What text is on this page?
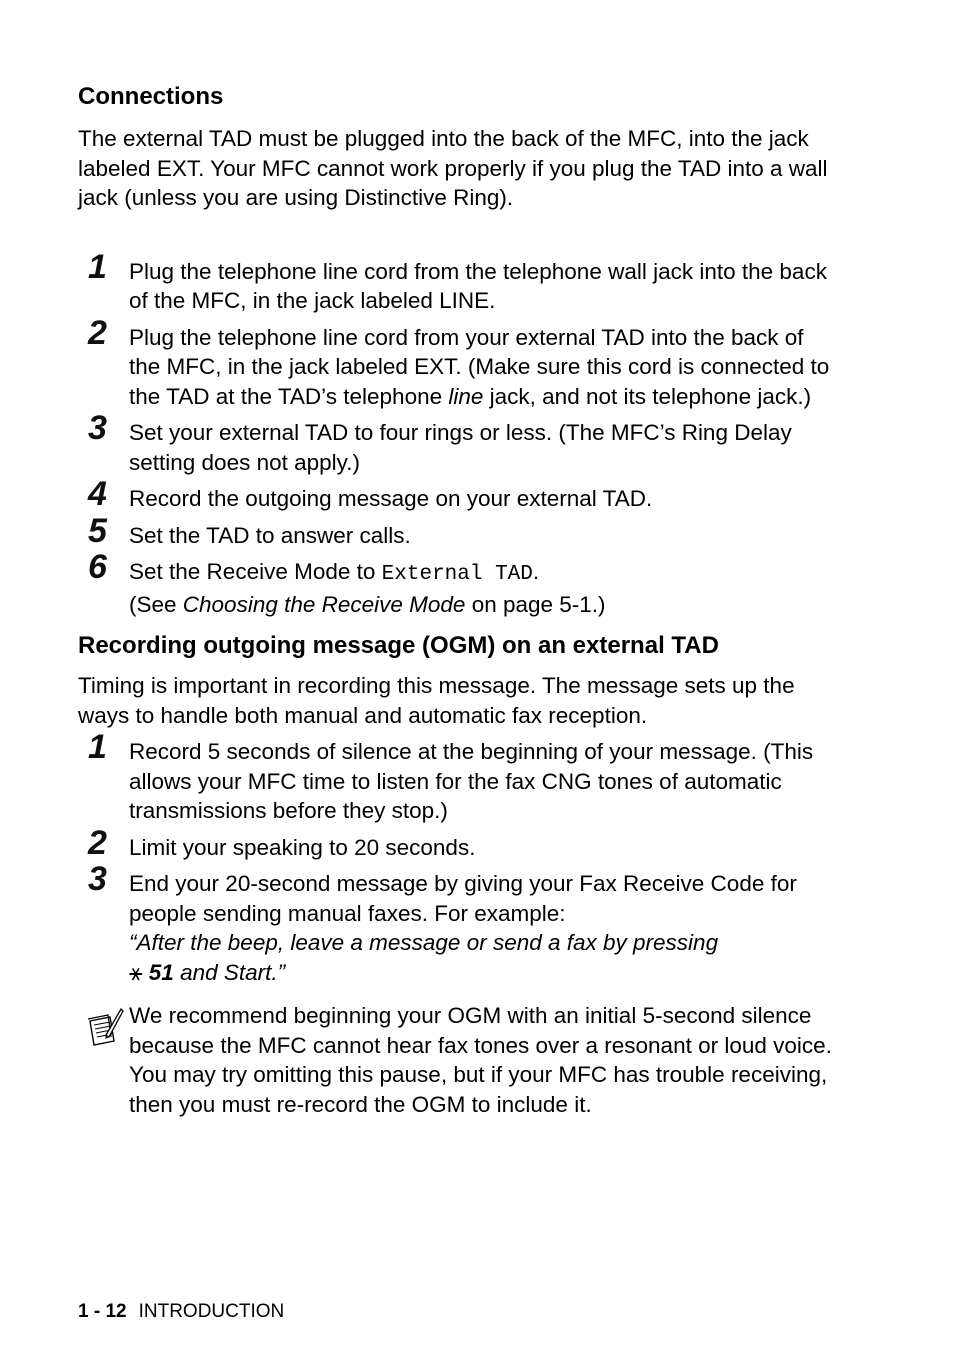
Connections

The external TAD must be plugged into the back of the MFC, into the jack labeled EXT. Your MFC cannot work properly if you plug the TAD into a wall jack (unless you are using Distinctive Ring).

1 Plug the telephone line cord from the telephone wall jack into the back of the MFC, in the jack labeled LINE.
2 Plug the telephone line cord from your external TAD into the back of the MFC, in the jack labeled EXT. (Make sure this cord is connected to the TAD at the TAD’s telephone line jack, and not its telephone jack.)
3 Set your external TAD to four rings or less. (The MFC’s Ring Delay setting does not apply.)
4 Record the outgoing message on your external TAD.
5 Set the TAD to answer calls.
6 Set the Receive Mode to External TAD.
(See Choosing the Receive Mode on page 5-1.)
Recording outgoing message (OGM) on an external TAD

Timing is important in recording this message. The message sets up the ways to handle both manual and automatic fax reception.

1 Record 5 seconds of silence at the beginning of your message. (This allows your MFC time to listen for the fax CNG tones of automatic transmissions before they stop.)
2 Limit your speaking to 20 seconds.
3 End your 20-second message by giving your Fax Receive Code for people sending manual faxes. For example:
“After the beep, leave a message or send a fax by pressing
⚹ 51 and Start.”
We recommend beginning your OGM with an initial 5-second silence because the MFC cannot hear fax tones over a resonant or loud voice. You may try omitting this pause, but if your MFC has trouble receiving, then you must re-record the OGM to include it.
1 - 12 INTRODUCTION
